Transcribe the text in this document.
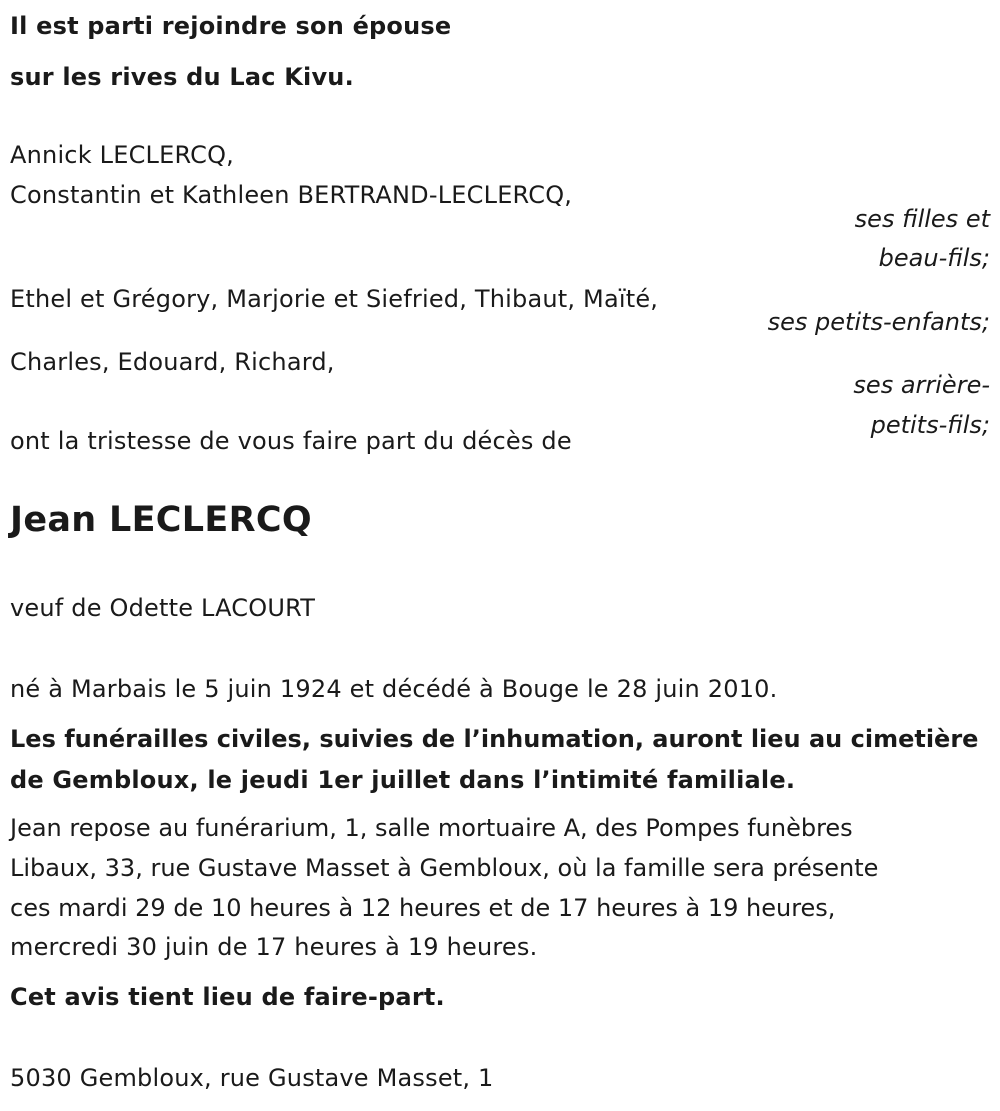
Il est parti rejoindre son épouse

sur les rives du Lac Kivu.

Annick LECLERCQ,

Constantin et Kathleen BERTRAND-LECLERCQ,

ses filles et

beau-fils;

Ethel et Grégory, Marjorie et Siefried, Thibaut, Maïté,

ses petits-enfants;

Charles, Edouard, Richard,

ses arrière-

petits-fils;

ont la tristesse de vous faire part du décès de

Jean LECLERCQ

veuf de Odette LACOURT

né à Marbais le 5 juin 1924 et décédé à Bouge le 28 juin 2010.

Les funérailles civiles, suivies de l’inhumation, auront lieu au cimetière

de Gembloux, le jeudi 1er juillet dans l’intimité familiale.

Jean repose au funérarium, 1, salle mortuaire A, des Pompes funèbres

Libaux, 33, rue Gustave Masset à Gembloux, où la famille sera présente

ces mardi 29 de 10 heures à 12 heures et de 17 heures à 19 heures,

mercredi 30 juin de 17 heures à 19 heures.

Cet avis tient lieu de faire-part.

5030 Gembloux, rue Gustave Masset, 1
